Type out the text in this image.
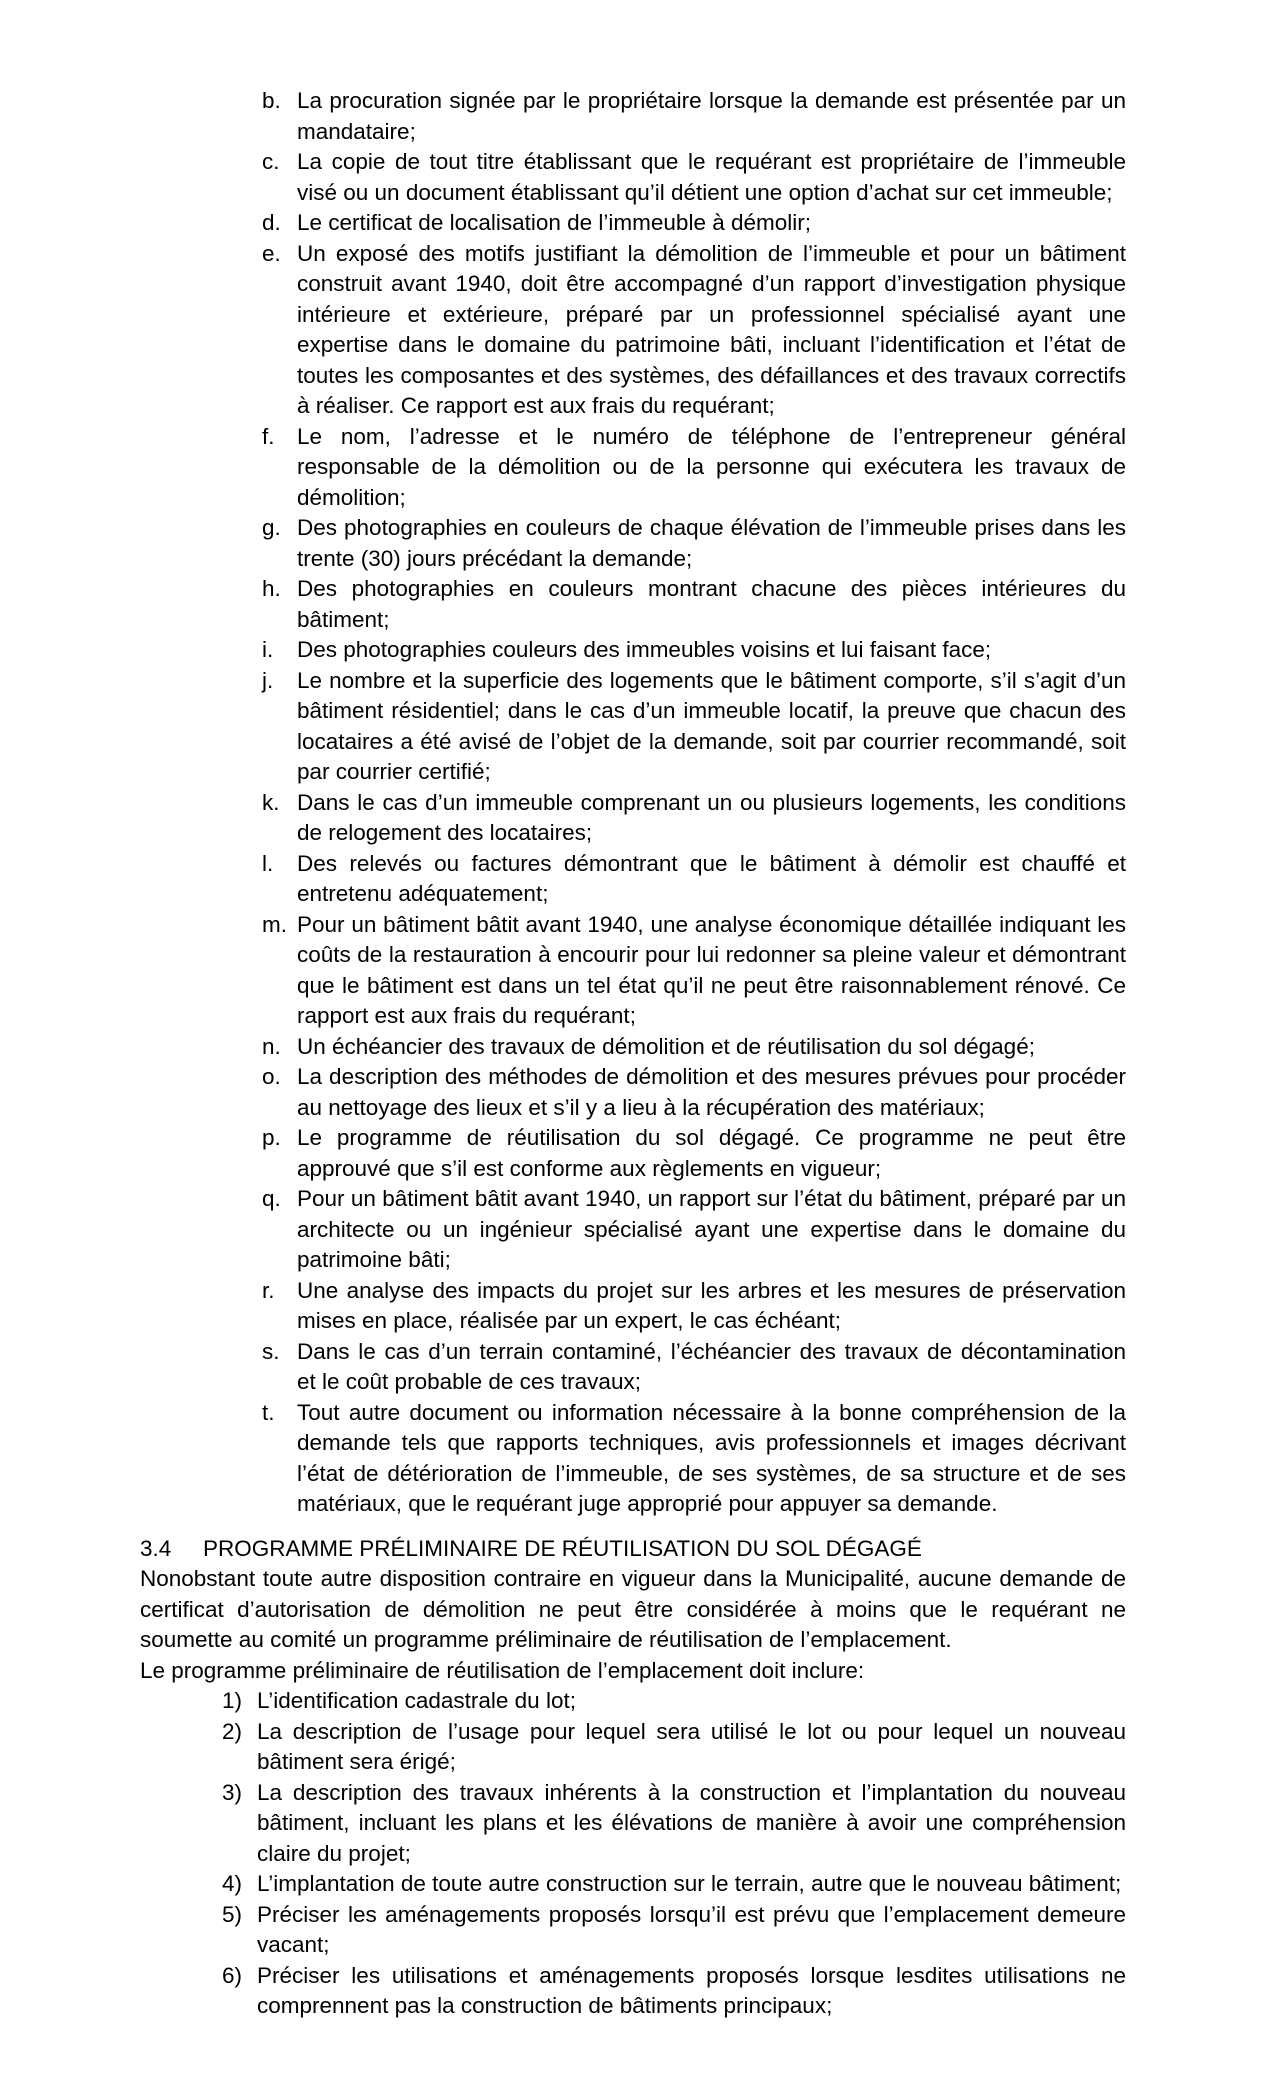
b. La procuration signée par le propriétaire lorsque la demande est présentée par un mandataire;
c. La copie de tout titre établissant que le requérant est propriétaire de l’immeuble visé ou un document établissant qu’il détient une option d’achat sur cet immeuble;
d. Le certificat de localisation de l’immeuble à démolir;
e. Un exposé des motifs justifiant la démolition de l’immeuble et pour un bâtiment construit avant 1940, doit être accompagné d’un rapport d’investigation physique intérieure et extérieure, préparé par un professionnel spécialisé ayant une expertise dans le domaine du patrimoine bâti, incluant l’identification et l’état de toutes les composantes et des systèmes, des défaillances et des travaux correctifs à réaliser. Ce rapport est aux frais du requérant;
f. Le nom, l’adresse et le numéro de téléphone de l’entrepreneur général responsable de la démolition ou de la personne qui exécutera les travaux de démolition;
g. Des photographies en couleurs de chaque élévation de l’immeuble prises dans les trente (30) jours précédant la demande;
h. Des photographies en couleurs montrant chacune des pièces intérieures du bâtiment;
i.	Des photographies couleurs des immeubles voisins et lui faisant face;
j.	Le nombre et la superficie des logements que le bâtiment comporte, s’il s’agit d’un bâtiment résidentiel; dans le cas d’un immeuble locatif, la preuve que chacun des locataires a été avisé de l’objet de la demande, soit par courrier recommandé, soit par courrier certifié;
k. Dans le cas d’un immeuble comprenant un ou plusieurs logements, les conditions de relogement des locataires;
l.	Des relevés ou factures démontrant que le bâtiment à démolir est chauffé et entretenu adéquatement;
m. Pour un bâtiment bâtit avant 1940, une analyse économique détaillée indiquant les coûts de la restauration à encourir pour lui redonner sa pleine valeur et démontrant que le bâtiment est dans un tel état qu’il ne peut être raisonnablement rénové. Ce rapport est aux frais du requérant;
n. Un échéancier des travaux de démolition et de réutilisation du sol dégagé;
o. La description des méthodes de démolition et des mesures prévues pour procéder au nettoyage des lieux et s’il y a lieu à la récupération des matériaux;
p. Le programme de réutilisation du sol dégagé. Ce programme ne peut être approuvé que s’il est conforme aux règlements en vigueur;
q. Pour un bâtiment bâtit avant 1940, un rapport sur l’état du bâtiment, préparé par un architecte ou un ingénieur spécialisé ayant une expertise dans le domaine du patrimoine bâti;
r. Une analyse des impacts du projet sur les arbres et les mesures de préservation mises en place, réalisée par un expert, le cas échéant;
s. Dans le cas d’un terrain contaminé, l’échéancier des travaux de décontamination et le coût probable de ces travaux;
t. Tout autre document ou information nécessaire à la bonne compréhension de la demande tels que rapports techniques, avis professionnels et images décrivant l’état de détérioration de l’immeuble, de ses systèmes, de sa structure et de ses matériaux, que le requérant juge approprié pour appuyer sa demande.
3.4 PROGRAMME PRÉLIMINAIRE DE RÉUTILISATION DU SOL DÉGAGÉ
Nonobstant toute autre disposition contraire en vigueur dans la Municipalité, aucune demande de certificat d’autorisation de démolition ne peut être considérée à moins que le requérant ne soumette au comité un programme préliminaire de réutilisation de l’emplacement.
Le programme préliminaire de réutilisation de l’emplacement doit inclure:
1) L’identification cadastrale du lot;
2) La description de l’usage pour lequel sera utilisé le lot ou pour lequel un nouveau bâtiment sera érigé;
3) La description des travaux inhérents à la construction et l’implantation du nouveau bâtiment, incluant les plans et les élévations de manière à avoir une compréhension claire du projet;
4) L’implantation de toute autre construction sur le terrain, autre que le nouveau bâtiment;
5) Préciser les aménagements proposés lorsqu’il est prévu que l’emplacement demeure vacant;
6) Préciser les utilisations et aménagements proposés lorsque lesdites utilisations ne comprennent pas la construction de bâtiments principaux;
